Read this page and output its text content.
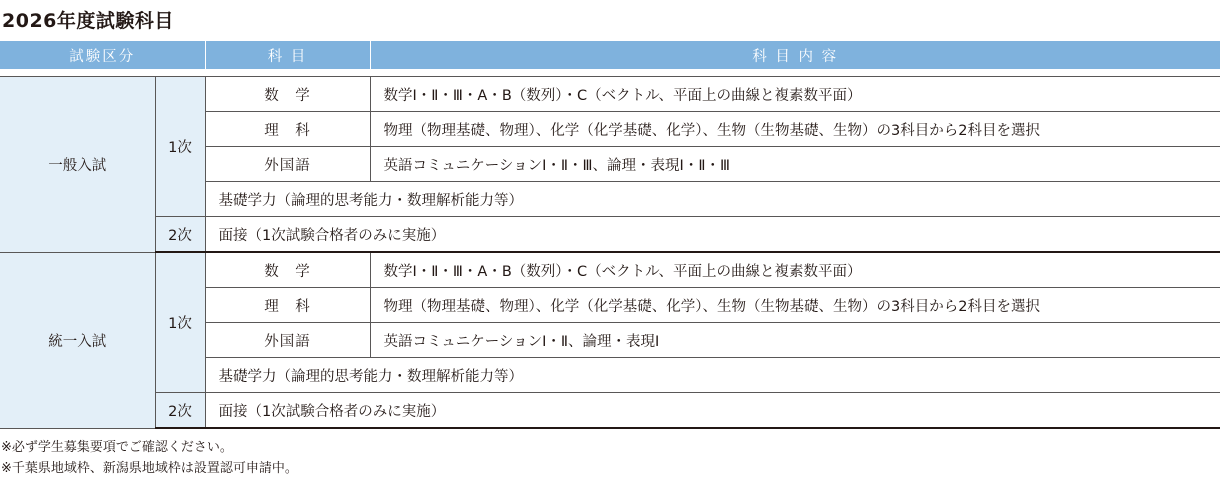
2026年度試験科目
試験区分		科 目	科 目 内 容

一般入試	1次	数　学	数学Ⅰ・Ⅱ・Ⅲ・A・B（数列）・C（ベクトル、平面上の曲線と複素数平面）
		理　科	物理（物理基礎、物理）、化学（化学基礎、化学）、生物（生物基礎、生物）の3科目から2科目を選択
		外国語	英語コミュニケーションⅠ・Ⅱ・Ⅲ、論理・表現Ⅰ・Ⅱ・Ⅲ
		基礎学力（論理的思考能力・数理解析能力等）	
	2次	面接（1次試験合格者のみに実施）	
統一入試	1次	数　学	数学Ⅰ・Ⅱ・Ⅲ・A・B（数列）・C（ベクトル、平面上の曲線と複素数平面）
		理　科	物理（物理基礎、物理）、化学（化学基礎、化学）、生物（生物基礎、生物）の3科目から2科目を選択
		外国語	英語コミュニケーションⅠ・Ⅱ、論理・表現Ⅰ
		基礎学力（論理的思考能力・数理解析能力等）	
	2次	面接（1次試験合格者のみに実施）	
※必ず学生募集要項でご確認ください。
※千葉県地域枠、新潟県地域枠は設置認可申請中。
